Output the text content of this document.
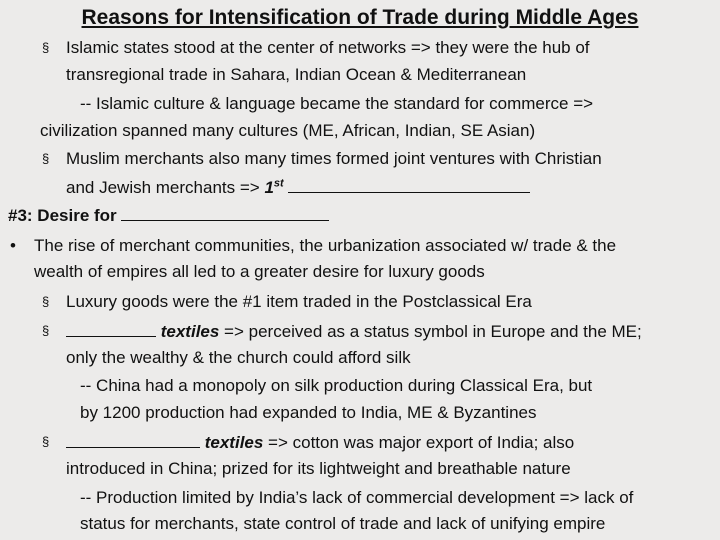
Reasons for Intensification of Trade during Middle Ages
§ Islamic states stood at the center of networks => they were the hub of
transregional trade in Sahara, Indian Ocean & Mediterranean
-- Islamic culture & language became the standard for commerce =>
civilization spanned many cultures (ME, African, Indian, SE Asian)
§ Muslim merchants also many times formed joint ventures with Christian
and Jewish merchants => 1st
#3: Desire for
• The rise of merchant communities, the urbanization associated w/ trade & the
wealth of empires all led to a greater desire for luxury goods
§ Luxury goods were the #1 item traded in the Postclassical Era
§	textiles => perceived as a status symbol in Europe and the ME;
only the wealthy & the church could afford silk
-- China had a monopoly on silk production during Classical Era, but
by 1200 production had expanded to India, ME & Byzantines
§	textiles => cotton was major export of India; also
introduced in China; prized for its lightweight and breathable nature
-- Production limited by India’s lack of commercial development => lack of
status for merchants, state control of trade and lack of unifying empire
